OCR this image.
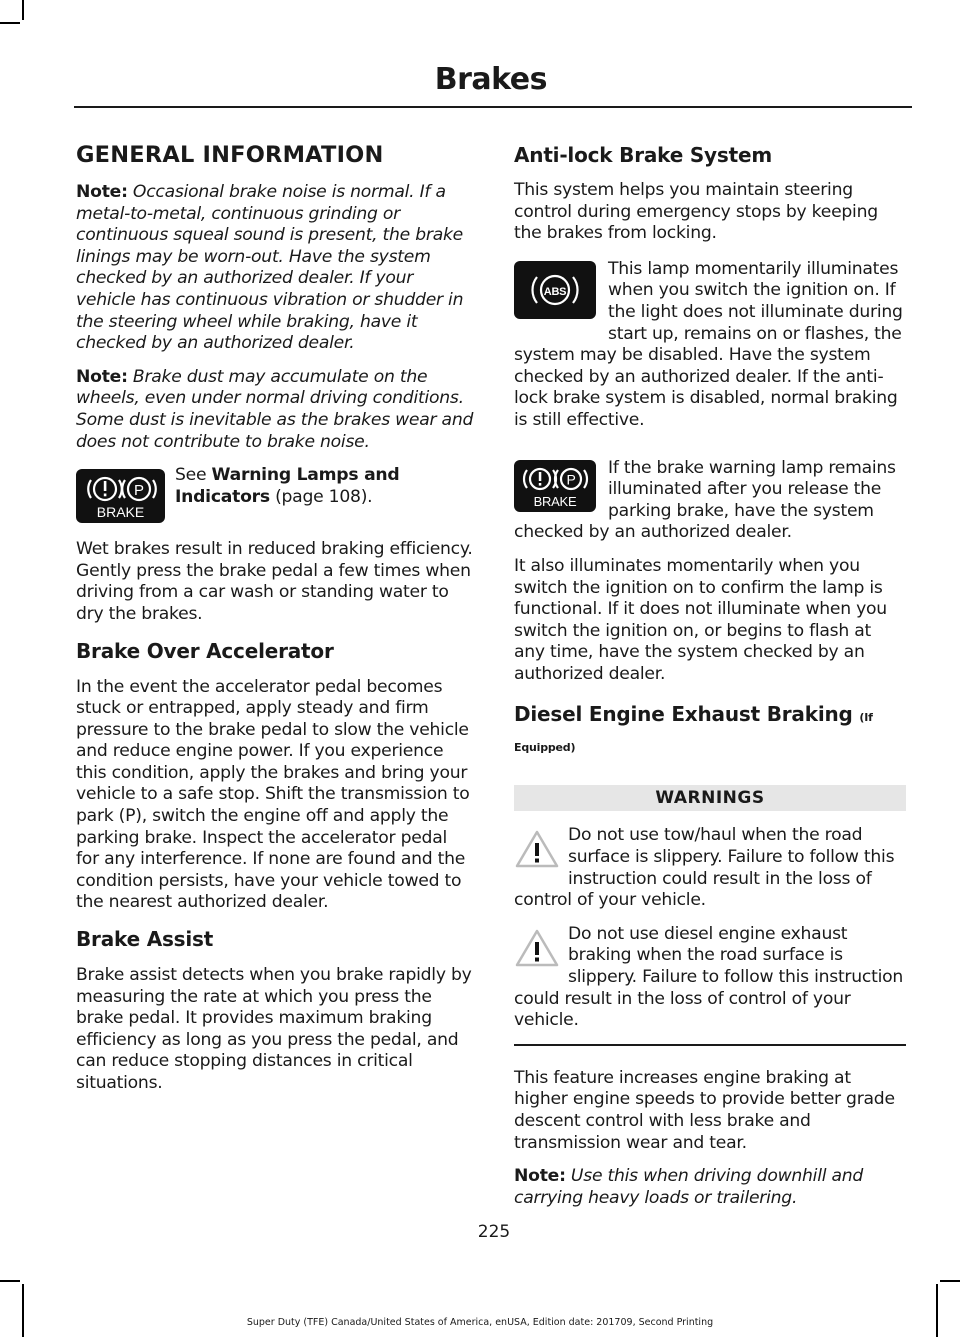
Brakes
GENERAL INFORMATION

Note: Occasional brake noise is normal. If a metal-to-metal, continuous grinding or continuous squeal sound is present, the brake linings may be worn-out. Have the system checked by an authorized dealer. If your vehicle has continuous vibration or shudder in the steering wheel while braking, have it checked by an authorized dealer.

Note: Brake dust may accumulate on the wheels, even under normal driving conditions. Some dust is inevitable as the brakes wear and does not contribute to brake noise.

P
BRAKE

See Warning Lamps and Indicators (page 108).

Wet brakes result in reduced braking efficiency. Gently press the brake pedal a few times when driving from a car wash or standing water to dry the brakes.

Brake Over Accelerator

In the event the accelerator pedal becomes stuck or entrapped, apply steady and firm pressure to the brake pedal to slow the vehicle and reduce engine power. If you experience this condition, apply the brakes and bring your vehicle to a safe stop. Shift the transmission to park (P), switch the engine off and apply the parking brake. Inspect the accelerator pedal for any interference. If none are found and the condition persists, have your vehicle towed to the nearest authorized dealer.

Brake Assist

Brake assist detects when you brake rapidly by measuring the rate at which you press the brake pedal. It provides maximum braking efficiency as long as you press the pedal, and can reduce stopping distances in critical situations.

Anti-lock Brake System

This system helps you maintain steering control during emergency stops by keeping the brakes from locking.

ABS
This lamp momentarily illuminates when you switch the ignition on. If the light does not illuminate during start up, remains on or flashes, the system may be disabled. Have the system checked by an authorized dealer. If the anti-lock brake system is disabled, normal braking is still effective.

P
BRAKE
If the brake warning lamp remains illuminated after you release the parking brake, have the system checked by an authorized dealer.

It also illuminates momentarily when you switch the ignition on to confirm the lamp is functional. If it does not illuminate when you switch the ignition on, or begins to flash at any time, have the system checked by an authorized dealer.

Diesel Engine Exhaust Braking (If
Equipped)
WARNINGS

Do not use tow/haul when the road surface is slippery. Failure to follow this instruction could result in the loss of control of your vehicle.

Do not use diesel engine exhaust braking when the road surface is slippery. Failure to follow this instruction could result in the loss of control of your vehicle.

This feature increases engine braking at higher engine speeds to provide better grade descent control with less brake and transmission wear and tear.

Note: Use this when driving downhill and carrying heavy loads or trailering.

225
Super Duty (TFE) Canada/United States of America, enUSA, Edition date: 201709, Second Printing
